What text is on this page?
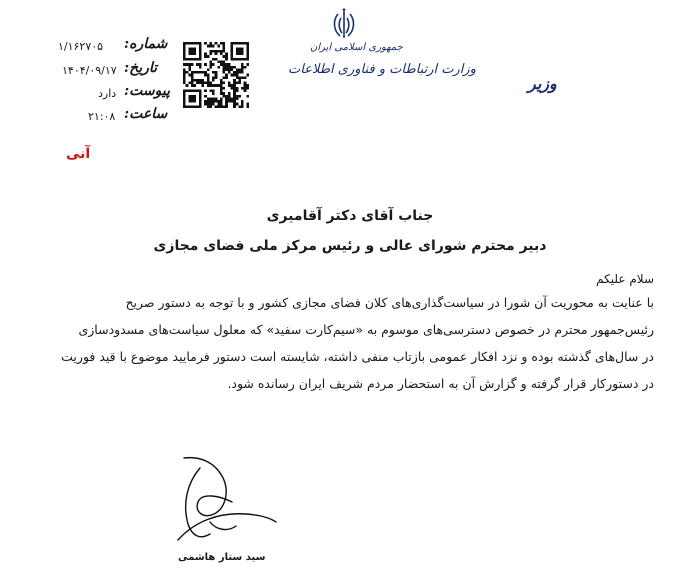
شماره:
۱/۱۶۲۷۰۵
تاریخ:
۱۴۰۴/۰۹/۱۷
پیوست:
دارد
ساعت:
۲۱:۰۸
جمهوری اسلامی ایران
وزارت ارتباطات و فناوری اطلاعات
وزیر
آنی
جناب آقای دکتر آقامیری
دبیر محترم شورای عالی و رئیس مرکز ملی فضای مجازی
سلام علیکم
با عنایت به محوریت آن شورا در سیاست‌گذاری‌های کلان فضای مجازی کشور و با توجه به دستور صریح
رئیس‌جمهور محترم در خصوص دسترسی‌های موسوم به «سیم‌کارت سفید» که معلول سیاست‌های مسدودسازی
در سال‌های گذشته بوده و نزد افکار عمومی بازتاب منفی داشته، شایسته است دستور فرمایید موضوع با قید فوریت
در دستورکار قرار گرفته و گزارش آن به استحضار مردم شریف ایران رسانده شود.
سید ستار هاشمی
